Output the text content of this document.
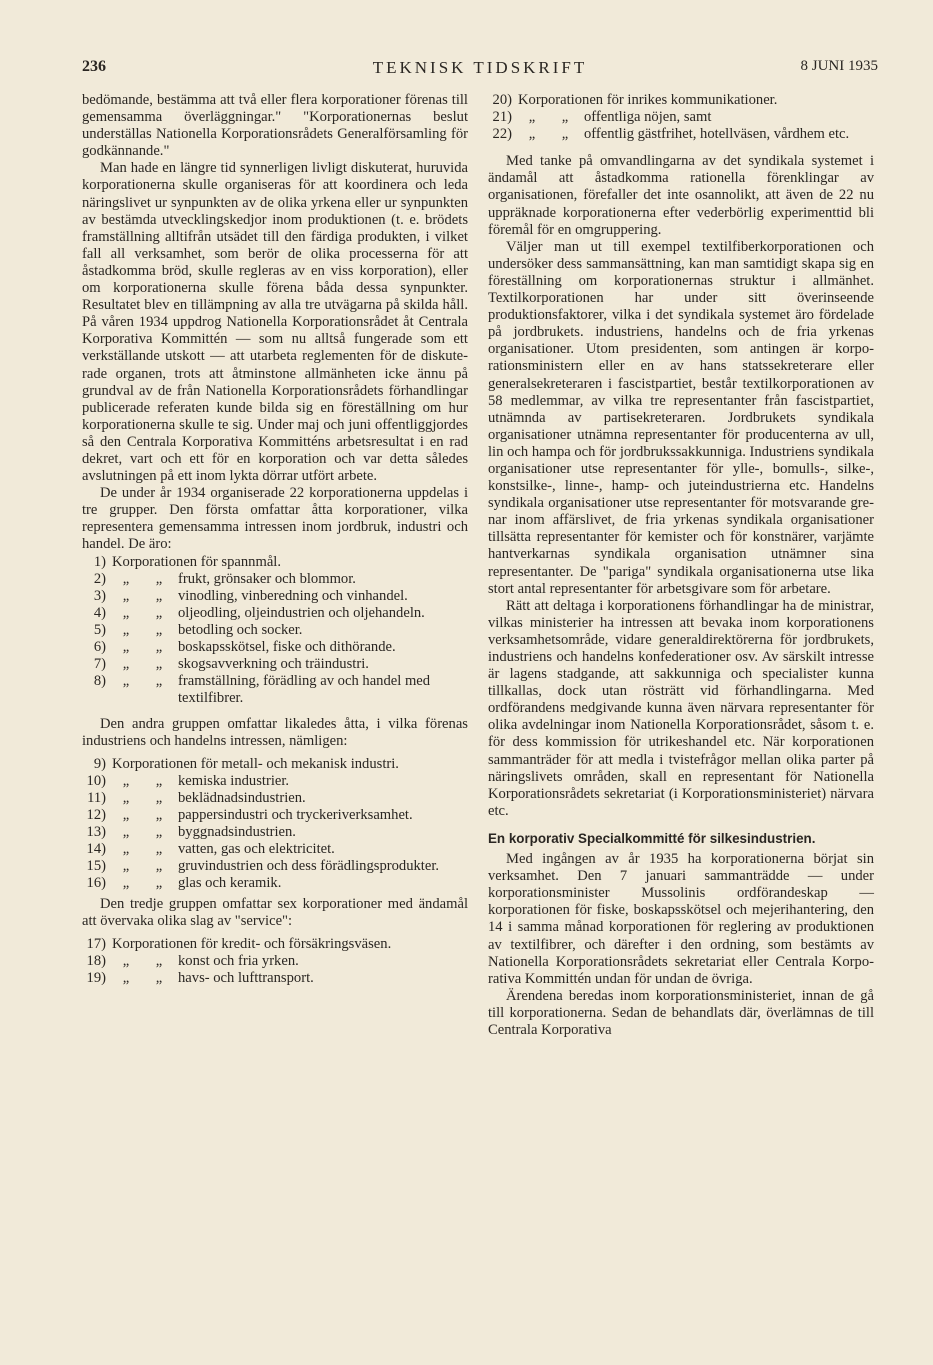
TEKNISK TIDSKRIFT
236	8 JUNI 1935

bedömande, bestämma att två eller flera korporationer förenas till gemensamma överläggningar." "Korporationernas beslut underställas Nationella Korporationsrådets Generalförsamling för godkännande."

Man hade en längre tid synnerligen livligt diskuterat, huruvida korporationerna skulle organiseras för att koordinera och leda näringslivet ur synpunkten av de olika yrkena eller ur synpunkten av bestämda utvecklingskedjor inom produktionen (t. e. brödets framställning alltifrån utsädet till den färdiga produkten, i vilket fall all verksamhet, som berör de olika processerna för att åstadkomma bröd, skulle regleras av en viss korporation), eller om korporationerna skulle förena båda dessa synpunkter. Resultatet blev en tillämpning av alla tre utvägarna på skilda håll. På våren 1934 uppdrog Nationella Korporationsrådet åt Centrala Korporativa Kommittén — som nu alltså fungerade som ett verkställande utskott — att utarbeta reglementen för de diskuterade organen, trots att åtminstone allmänheten icke ännu på grundval av de från Nationella Korporationsrådets förhandlingar publicerade referaten kunde bilda sig en föreställning om hur korporationerna skulle te sig. Under maj och juni offentliggjordes så den Centrala Korporativa Kommitténs arbetsresultat i en rad dekret, vart och ett för en korporation och var detta således avslutningen på ett inom lykta dörrar utfört arbete.

De under år 1934 organiserade 22 korporationerna uppdelas i tre grupper. Den första omfattar åtta korporationer, vilka representera gemensamma intressen inom jordbruk, industri och handel. De äro:

1) Korporationen för spannmål.
2)	„	„	frukt, grönsaker och blommor.
3)	„	„	vinodling, vinberedning och vinhandel.
4)	„	„	oljeodling, oljeindustrien och oljehandeln.
5)	„	„	betodling och socker.
6)	„	„	boskapsskötsel, fiske och dithörande.
7)	„	„	skogsavverkning och träindustri.
8)	„	„	framställning, förädling av och handel med textilfibrer.

Den andra gruppen omfattar likaledes åtta, i vilka förenas industriens och handelns intressen, nämligen:

9) Korporationen för metall- och mekanisk industri.
10)	„	„	kemiska industrier.
11)	„	„	beklädnadsindustrien.
12)	„	„	pappersindustri och tryckeriverksamhet.
13)	„	„	byggnadsindustrien.
14)	„	„	vatten, gas och elektricitet.
15)	„	„	gruvindustrien och dess förädlingsprodukter.
16)	„	„	glas och keramik.

Den tredje gruppen omfattar sex korporationer med ändamål att övervaka olika slag av "service":

17) Korporationen för kredit- och försäkringsväsen.
18)	„	„	konst och fria yrken.
19)	„	„	havs- och lufttransport.
20) Korporationen för inrikes kommunikationer.
21)	„	„	offentliga nöjen, samt
22)	„	„	offentlig gästfrihet, hotellväsen, vårdhem etc.

Med tanke på omvandlingarna av det syndikala systemet i ändamål att åstadkomma rationella förenklingar av organisationen, förefaller det inte osannolikt, att även de 22 nu uppräknade korporationerna efter vederbörlig experimenttid bli föremål för en omgruppering.

Väljer man ut till exempel textilfiberkorporationen och undersöker dess sammansättning, kan man samtidigt skapa sig en föreställning om korporationernas struktur i allmänhet. Textilkorporationen har under sitt överinseende produktionsfaktorer, vilka i det syndikala systemet äro fördelade på jordbrukets. industriens, handelns och de fria yrkenas organisationer. Utom presidenten, som antingen är korporationsministern eller en av hans statssekreterare eller generalsekreteraren i fascistpartiet, består textilkorporationen av 58 medlemmar, av vilka tre representanter från fascistpartiet, utnämnda av partisekreteraren. Jordbrukets syndikala organisationer utnämna representanter för producenterna av ull, lin och hampa och för jordbrukssakkunniga. Industriens syndikala organisationer utse representanter för ylle-, bomulls-, silke-, konstsilke-, linne-, hamp- och juteindustrierna etc. Handelns syndikala organisationer utse representanter för motsvarande grenar inom affärslivet, de fria yrkenas syndikala organisationer tillsätta representanter för kemister och för konstnärer, varjämte hantverkarnas syndikala organisation utnämner sina representanter. De "pariga" syndikala organisationerna utse lika stort antal representanter för arbetsgivare som för arbetare.

Rätt att deltaga i korporationens förhandlingar ha de ministrar, vilkas ministerier ha intressen att bevaka inom korporationens verksamhetsområde, vidare generaldirektörerna för jordbrukets, industriens och handelns konfederationer osv. Av särskilt intresse är lagens stadgande, att sakkunniga och specialister kunna tillkallas, dock utan rösträtt vid förhandlingarna. Med ordförandens medgivande kunna även närvara representanter för olika avdelningar inom Nationella Korporationsrådet, såsom t. e. för dess kommission för utrikeshandel etc. När korporationen sammanträder för att medla i tvistefrågor mellan olika parter på näringslivets områden, skall en representant för Nationella Korporationsrådets sekretariat (i Korporationsministeriet) närvara etc.

En korporativ Specialkommitté för silkesindustrien.

Med ingången av år 1935 ha korporationerna börjat sin verksamhet. Den 7 januari sammanträdde — under korporationsminister Mussolinis ordförandeskap — korporationen för fiske, boskapsskötsel och mejerihantering, den 14 i samma månad korporationen för reglering av produktionen av textilfibrer, och därefter i den ordning, som bestämts av Nationella Korporationsrådets sekretariat eller Centrala Korporativa Kommittén undan för undan de övriga.

Ärendena beredas inom korporationsministeriet, innan de gå till korporationerna. Sedan de behandlats där, överlämnas de till Centrala Korporativa
